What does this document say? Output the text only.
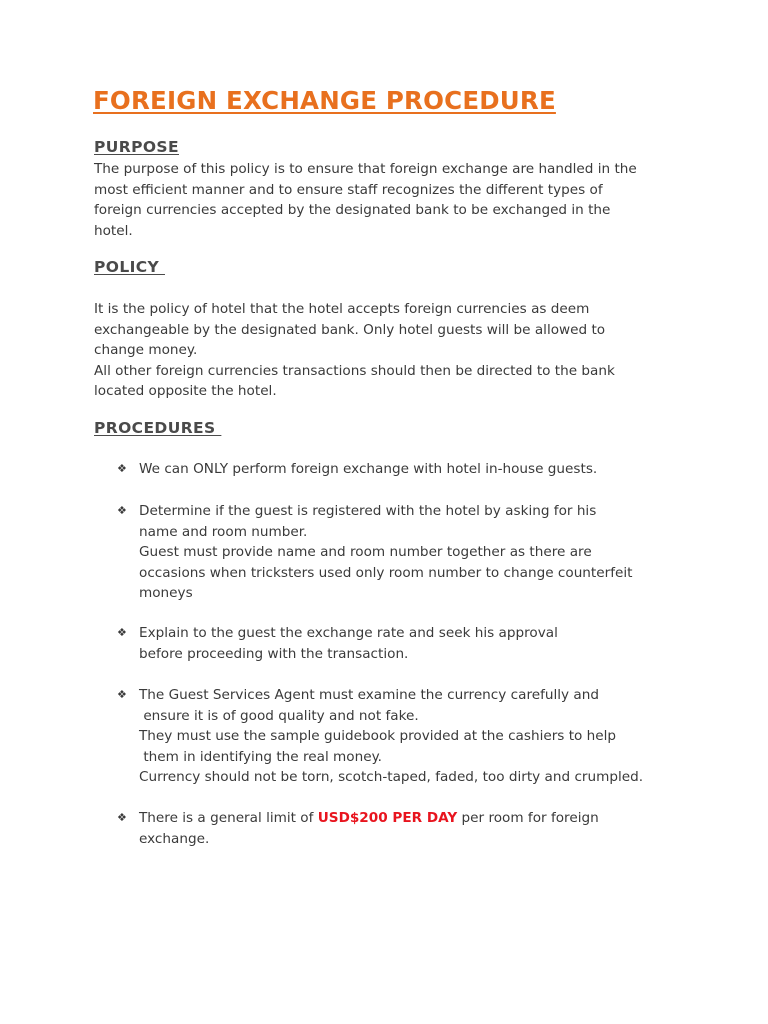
FOREIGN EXCHANGE PROCEDURE
PURPOSE
The purpose of this policy is to ensure that foreign exchange are handled in the
most efficient manner and to ensure staff recognizes the different types of
foreign currencies accepted by the designated bank to be exchanged in the
hotel.
POLICY
It is the policy of hotel that the hotel accepts foreign currencies as deem
exchangeable by the designated bank. Only hotel guests will be allowed to
change money.
All other foreign currencies transactions should then be directed to the bank
located opposite the hotel.
PROCEDURES
❖ We can ONLY perform foreign exchange with hotel in-house guests.
❖ Determine if the guest is registered with the hotel by asking for his
name and room number.
Guest must provide name and room number together as there are
occasions when tricksters used only room number to change counterfeit
moneys
❖ Explain to the guest the exchange rate and seek his approval
before proceeding with the transaction.
❖ The Guest Services Agent must examine the currency carefully and
ensure it is of good quality and not fake.
They must use the sample guidebook provided at the cashiers to help
them in identifying the real money.
Currency should not be torn, scotch-taped, faded, too dirty and crumpled.
❖ There is a general limit of USD$200 PER DAY per room for foreign
exchange.
